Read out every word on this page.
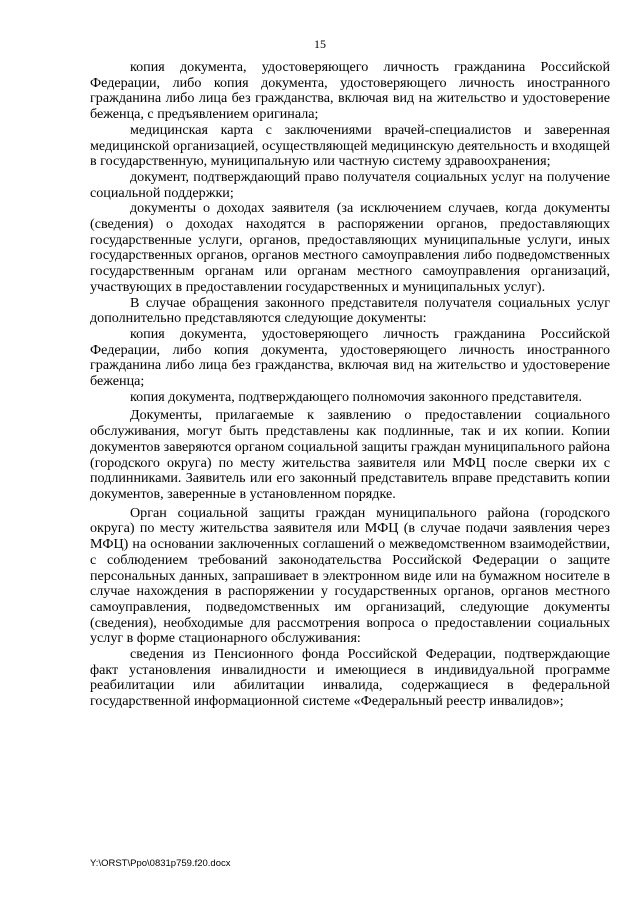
15

копия документа, удостоверяющего личность гражданина Российской Федерации, либо копия документа, удостоверяющего личность иностранного гражданина либо лица без гражданства, включая вид на жительство и удостоверение беженца, с предъявлением оригинала;

медицинская карта с заключениями врачей-специалистов и заверенная медицинской организацией, осуществляющей медицинскую деятельность и входящей в государственную, муниципальную или частную систему здравоохранения;

документ, подтверждающий право получателя социальных услуг на получение социальной поддержки;

документы о доходах заявителя (за исключением случаев, когда документы (сведения) о доходах находятся в распоряжении органов, предоставляющих государственные услуги, органов, предоставляющих муниципальные услуги, иных государственных органов, органов местного самоуправления либо подведомственных государственным органам или органам местного самоуправления организаций, участвующих в предоставлении государственных и муниципальных услуг).

В случае обращения законного представителя получателя социальных услуг дополнительно представляются следующие документы:

копия документа, удостоверяющего личность гражданина Российской Федерации, либо копия документа, удостоверяющего личность иностранного гражданина либо лица без гражданства, включая вид на жительство и удостоверение беженца;

копия документа, подтверждающего полномочия законного представителя.

Документы, прилагаемые к заявлению о предоставлении социального обслуживания, могут быть представлены как подлинные, так и их копии. Копии документов заверяются органом социальной защиты граждан муниципального района (городского округа) по месту жительства заявителя или МФЦ после сверки их с подлинниками. Заявитель или его законный представитель вправе представить копии документов, заверенные в установленном порядке.

Орган социальной защиты граждан муниципального района (городского округа) по месту жительства заявителя или МФЦ (в случае подачи заявления через МФЦ) на основании заключенных соглашений о межведомственном взаимодействии, с соблюдением требований законодательства Российской Федерации о защите персональных данных, запрашивает в электронном виде или на бумажном носителе в случае нахождения в распоряжении у государственных органов, органов местного самоуправления, подведомственных им организаций, следующие документы (сведения), необходимые для рассмотрения вопроса о предоставлении социальных услуг в форме стационарного обслуживания:

сведения из Пенсионного фонда Российской Федерации, подтверждающие факт установления инвалидности и имеющиеся в индивидуальной программе реабилитации или абилитации инвалида, содержащиеся в федеральной государственной информационной системе «Федеральный реестр инвалидов»;

Y:\ORST\Ppo\0831p759.f20.docx
